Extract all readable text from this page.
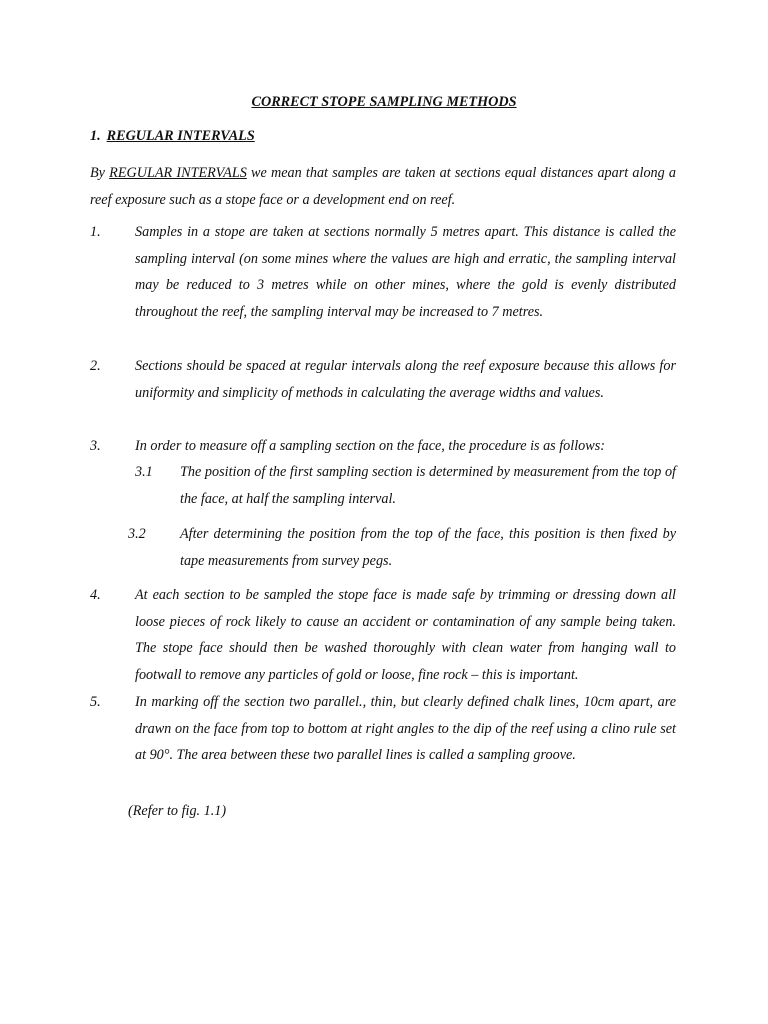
CORRECT STOPE SAMPLING METHODS
1. REGULAR INTERVALS
By REGULAR INTERVALS we mean that samples are taken at sections equal distances apart along a reef exposure such as a stope face or a development end on reef.
1. Samples in a stope are taken at sections normally 5 metres apart. This distance is called the sampling interval (on some mines where the values are high and erratic, the sampling interval may be reduced to 3 metres while on other mines, where the gold is evenly distributed throughout the reef, the sampling interval may be increased to 7 metres.
2. Sections should be spaced at regular intervals along the reef exposure because this allows for uniformity and simplicity of methods in calculating the average widths and values.
3. In order to measure off a sampling section on the face, the procedure is as follows:
3.1 The position of the first sampling section is determined by measurement from the top of the face, at half the sampling interval.
3.2 After determining the position from the top of the face, this position is then fixed by tape measurements from survey pegs.
4. At each section to be sampled the stope face is made safe by trimming or dressing down all loose pieces of rock likely to cause an accident or contamination of any sample being taken. The stope face should then be washed thoroughly with clean water from hanging wall to footwall to remove any particles of gold or loose, fine rock – this is important.
5. In marking off the section two parallel., thin, but clearly defined chalk lines, 10cm apart, are drawn on the face from top to bottom at right angles to the dip of the reef using a clino rule set at 90°. The area between these two parallel lines is called a sampling groove.
(Refer to fig. 1.1)
